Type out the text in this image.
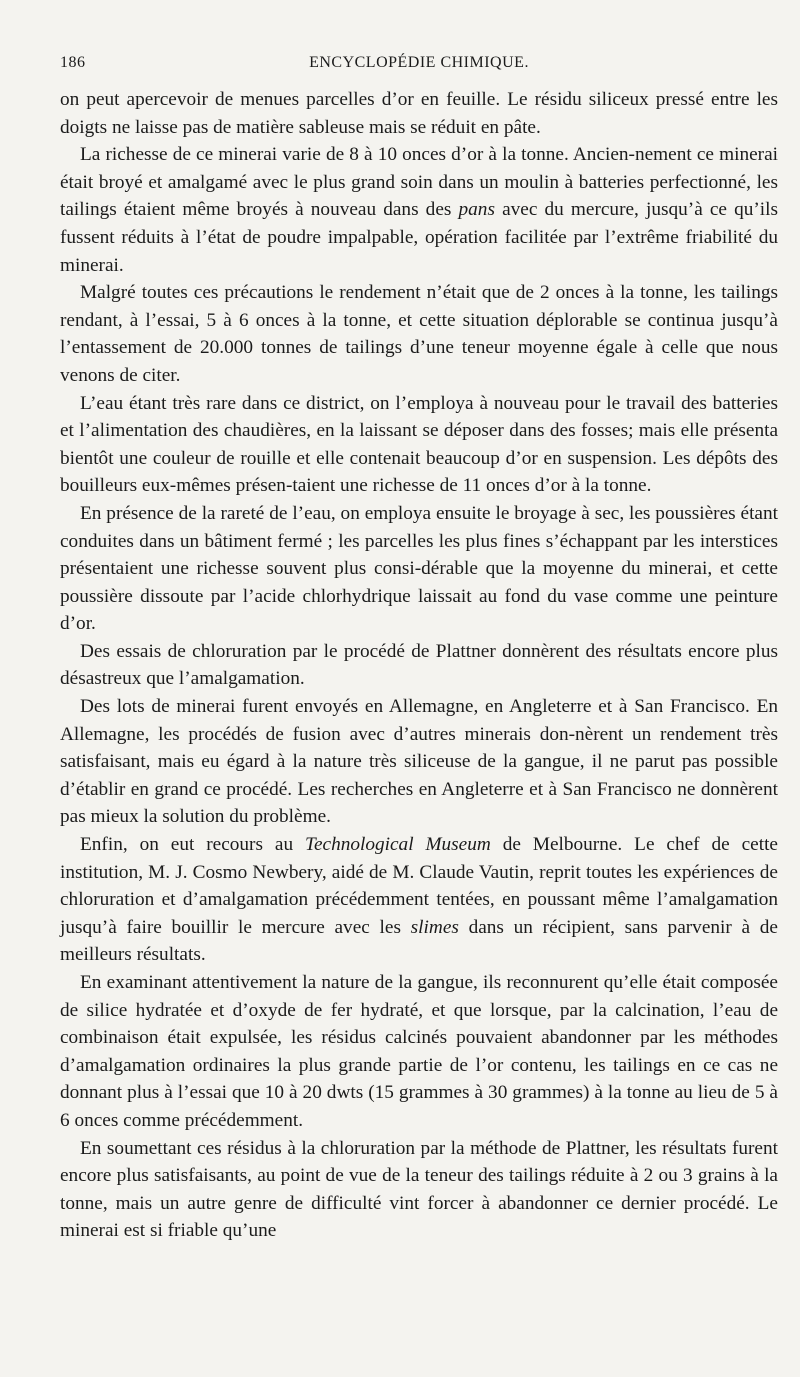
186	ENCYCLOPÉDIE CHIMIQUE.

on peut apercevoir de menues parcelles d’or en feuille. Le résidu siliceux pressé entre les doigts ne laisse pas de matière sableuse mais se réduit en pâte.

La richesse de ce minerai varie de 8 à 10 onces d’or à la tonne. Ancien-nement ce minerai était broyé et amalgamé avec le plus grand soin dans un moulin à batteries perfectionné, les tailings étaient même broyés à nouveau dans des pans avec du mercure, jusqu’à ce qu’ils fussent réduits à l’état de poudre impalpable, opération facilitée par l’extrême friabilité du minerai.

Malgré toutes ces précautions le rendement n’était que de 2 onces à la tonne, les tailings rendant, à l’essai, 5 à 6 onces à la tonne, et cette situation déplorable se continua jusqu’à l’entassement de 20.000 tonnes de tailings d’une teneur moyenne égale à celle que nous venons de citer.

L’eau étant très rare dans ce district, on l’employa à nouveau pour le travail des batteries et l’alimentation des chaudières, en la laissant se déposer dans des fosses; mais elle présenta bientôt une couleur de rouille et elle contenait beaucoup d’or en suspension. Les dépôts des bouilleurs eux-mêmes présen-taient une richesse de 11 onces d’or à la tonne.

En présence de la rareté de l’eau, on employa ensuite le broyage à sec, les poussières étant conduites dans un bâtiment fermé ; les parcelles les plus fines s’échappant par les interstices présentaient une richesse souvent plus consi-dérable que la moyenne du minerai, et cette poussière dissoute par l’acide chlorhydrique laissait au fond du vase comme une peinture d’or.

Des essais de chloruration par le procédé de Plattner donnèrent des résultats encore plus désastreux que l’amalgamation.

Des lots de minerai furent envoyés en Allemagne, en Angleterre et à San Francisco. En Allemagne, les procédés de fusion avec d’autres minerais don-nèrent un rendement très satisfaisant, mais eu égard à la nature très siliceuse de la gangue, il ne parut pas possible d’établir en grand ce procédé. Les recherches en Angleterre et à San Francisco ne donnèrent pas mieux la solution du problème.

Enfin, on eut recours au Technological Museum de Melbourne. Le chef de cette institution, M. J. Cosmo Newbery, aidé de M. Claude Vautin, reprit toutes les expériences de chloruration et d’amalgamation précédemment tentées, en poussant même l’amalgamation jusqu’à faire bouillir le mercure avec les slimes dans un récipient, sans parvenir à de meilleurs résultats.

En examinant attentivement la nature de la gangue, ils reconnurent qu’elle était composée de silice hydratée et d’oxyde de fer hydraté, et que lorsque, par la calcination, l’eau de combinaison était expulsée, les résidus calcinés pouvaient abandonner par les méthodes d’amalgamation ordinaires la plus grande partie de l’or contenu, les tailings en ce cas ne donnant plus à l’essai que 10 à 20 dwts (15 grammes à 30 grammes) à la tonne au lieu de 5 à 6 onces comme précédemment.

En soumettant ces résidus à la chloruration par la méthode de Plattner, les résultats furent encore plus satisfaisants, au point de vue de la teneur des tailings réduite à 2 ou 3 grains à la tonne, mais un autre genre de difficulté vint forcer à abandonner ce dernier procédé. Le minerai est si friable qu’une
